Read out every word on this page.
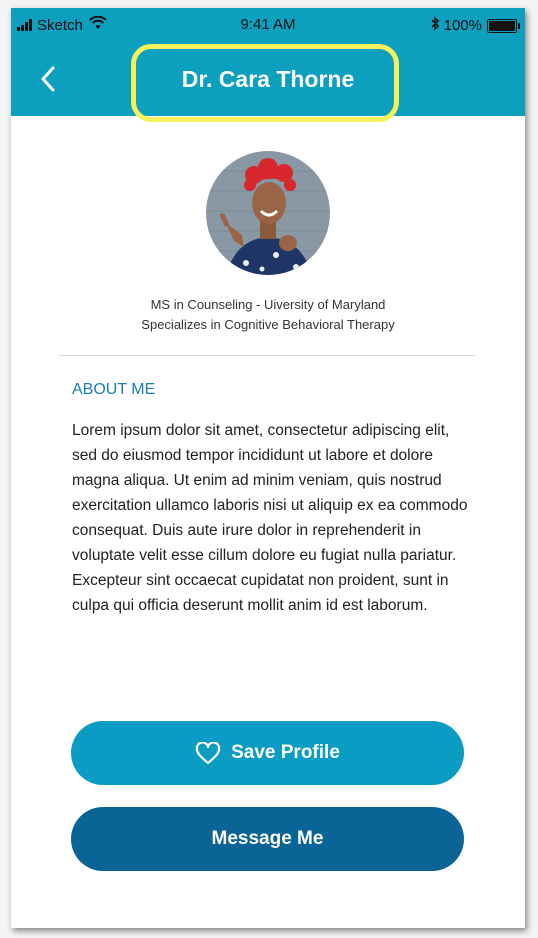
Sketch	9:41 AM	100%
Dr. Cara Thorne
MS in Counseling - Uiversity of Maryland
Specializes in Cognitive Behavioral Therapy
ABOUT ME
Lorem ipsum dolor sit amet, consectetur adipiscing elit, sed do eiusmod tempor incididunt ut labore et dolore magna aliqua. Ut enim ad minim veniam, quis nostrud exercitation ullamco laboris nisi ut aliquip ex ea commodo consequat. Duis aute irure dolor in reprehenderit in voluptate velit esse cillum dolore eu fugiat nulla pariatur. Excepteur sint occaecat cupidatat non proident, sunt in culpa qui officia deserunt mollit anim id est laborum.
Save Profile
Message Me
